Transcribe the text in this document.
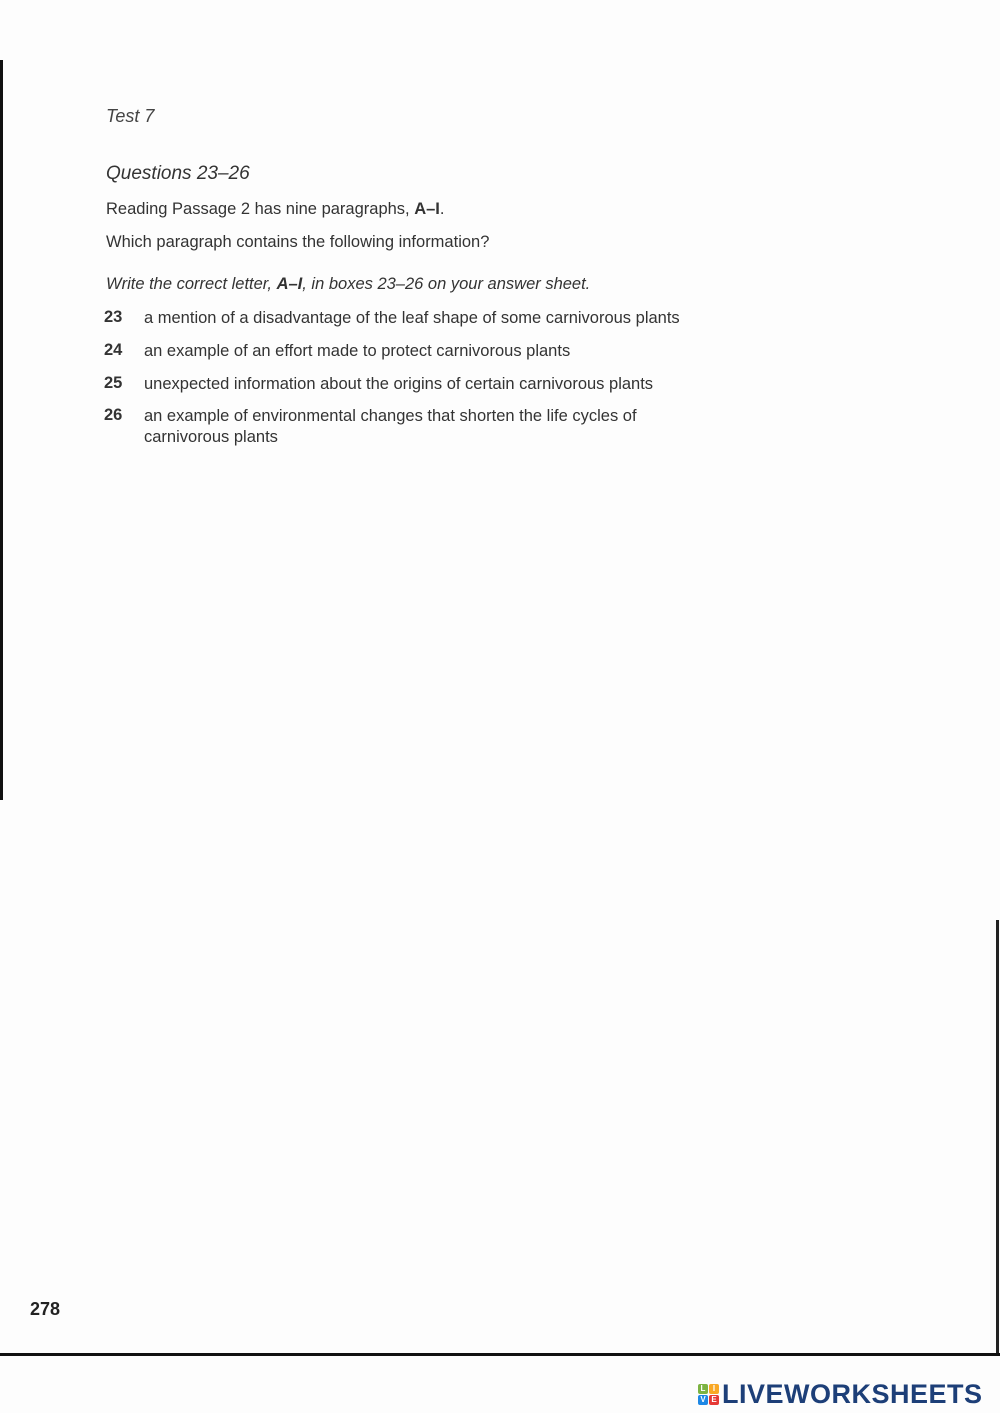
Test 7
Questions 23–26
Reading Passage 2 has nine paragraphs, A–I.
Which paragraph contains the following information?
Write the correct letter, A–I, in boxes 23–26 on your answer sheet.
23 a mention of a disadvantage of the leaf shape of some carnivorous plants
24 an example of an effort made to protect carnivorous plants
25 unexpected information about the origins of certain carnivorous plants
26 an example of environmental changes that shorten the life cycles of carnivorous plants
278
L I
V E LIVEWORKSHEETS
